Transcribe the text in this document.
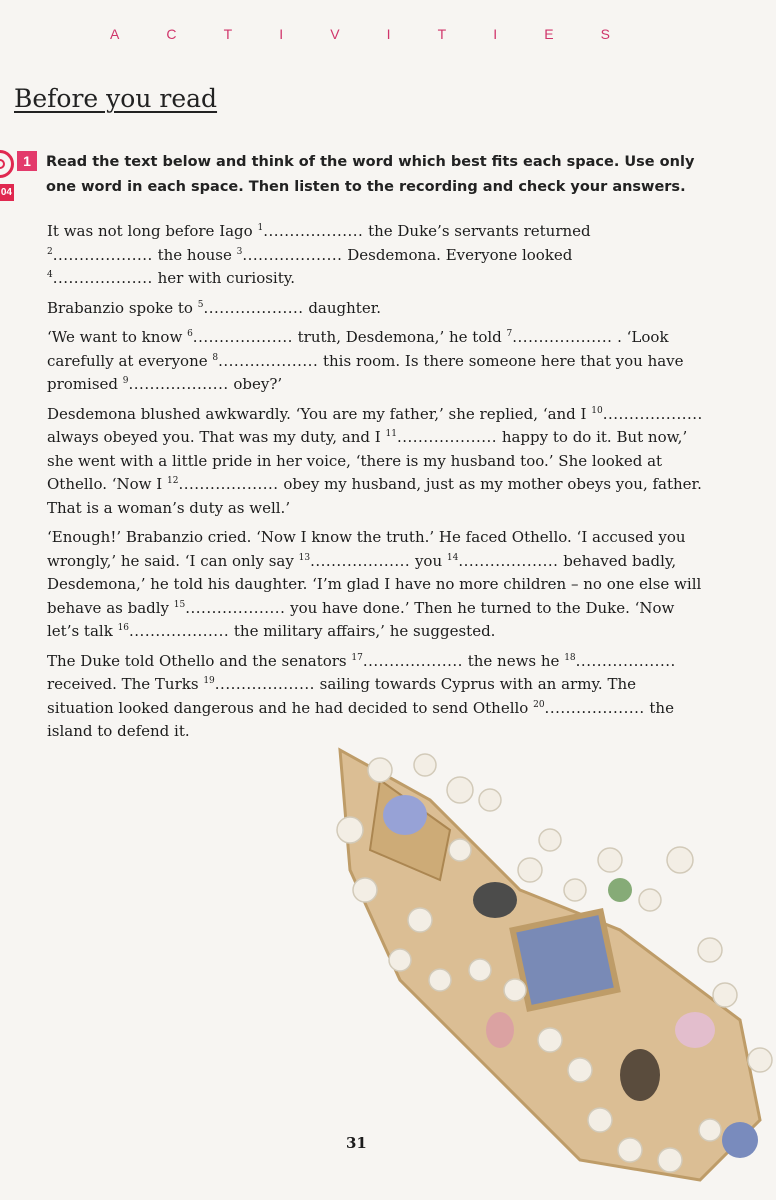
A	C	T	I	V	I	T	I	E	S
Before you read
04
1	Read the text below and think of the word which best fits each space. Use only
one word in each space. Then listen to the recording and check your answers.

It was not long before Iago $^1$................... the Duke’s servants returned
$^2$................... the house $^3$................... Desdemona. Everyone looked
$^4$................... her with curiosity.

Brabanzio spoke to $^5$................... daughter.

‘We want to know $^6$................... truth, Desdemona,’ he told $^7$................... . ‘Look carefully at everyone $^8$................... this room. Is there someone here that you have promised $^9$................... obey?’

Desdemona blushed awkwardly. ‘You are my father,’ she replied, ‘and I $^{10}$................... always obeyed you. That was my duty, and I $^{11}$................... happy to do it. But now,’ she went with a little pride in her voice, ‘there is my husband too.’ She looked at Othello. ‘Now I $^{12}$................... obey my husband, just as my mother obeys you, father. That is a woman’s duty as well.’

‘Enough!’ Brabanzio cried. ‘Now I know the truth.’ He faced Othello. ‘I accused you wrongly,’ he said. ‘I can only say $^{13}$................... you $^{14}$................... behaved badly, Desdemona,’ he told his daughter. ‘I’m glad I have no more children – no one else will behave as badly $^{15}$................... you have done.’ Then he turned to the Duke. ‘Now let’s talk $^{16}$................... the military affairs,’ he suggested.

The Duke told Othello and the senators $^{17}$................... the news he $^{18}$................... received. The Turks $^{19}$................... sailing towards Cyprus with an army. The situation looked dangerous and he had decided to send Othello $^{20}$................... the island to defend it.

31
